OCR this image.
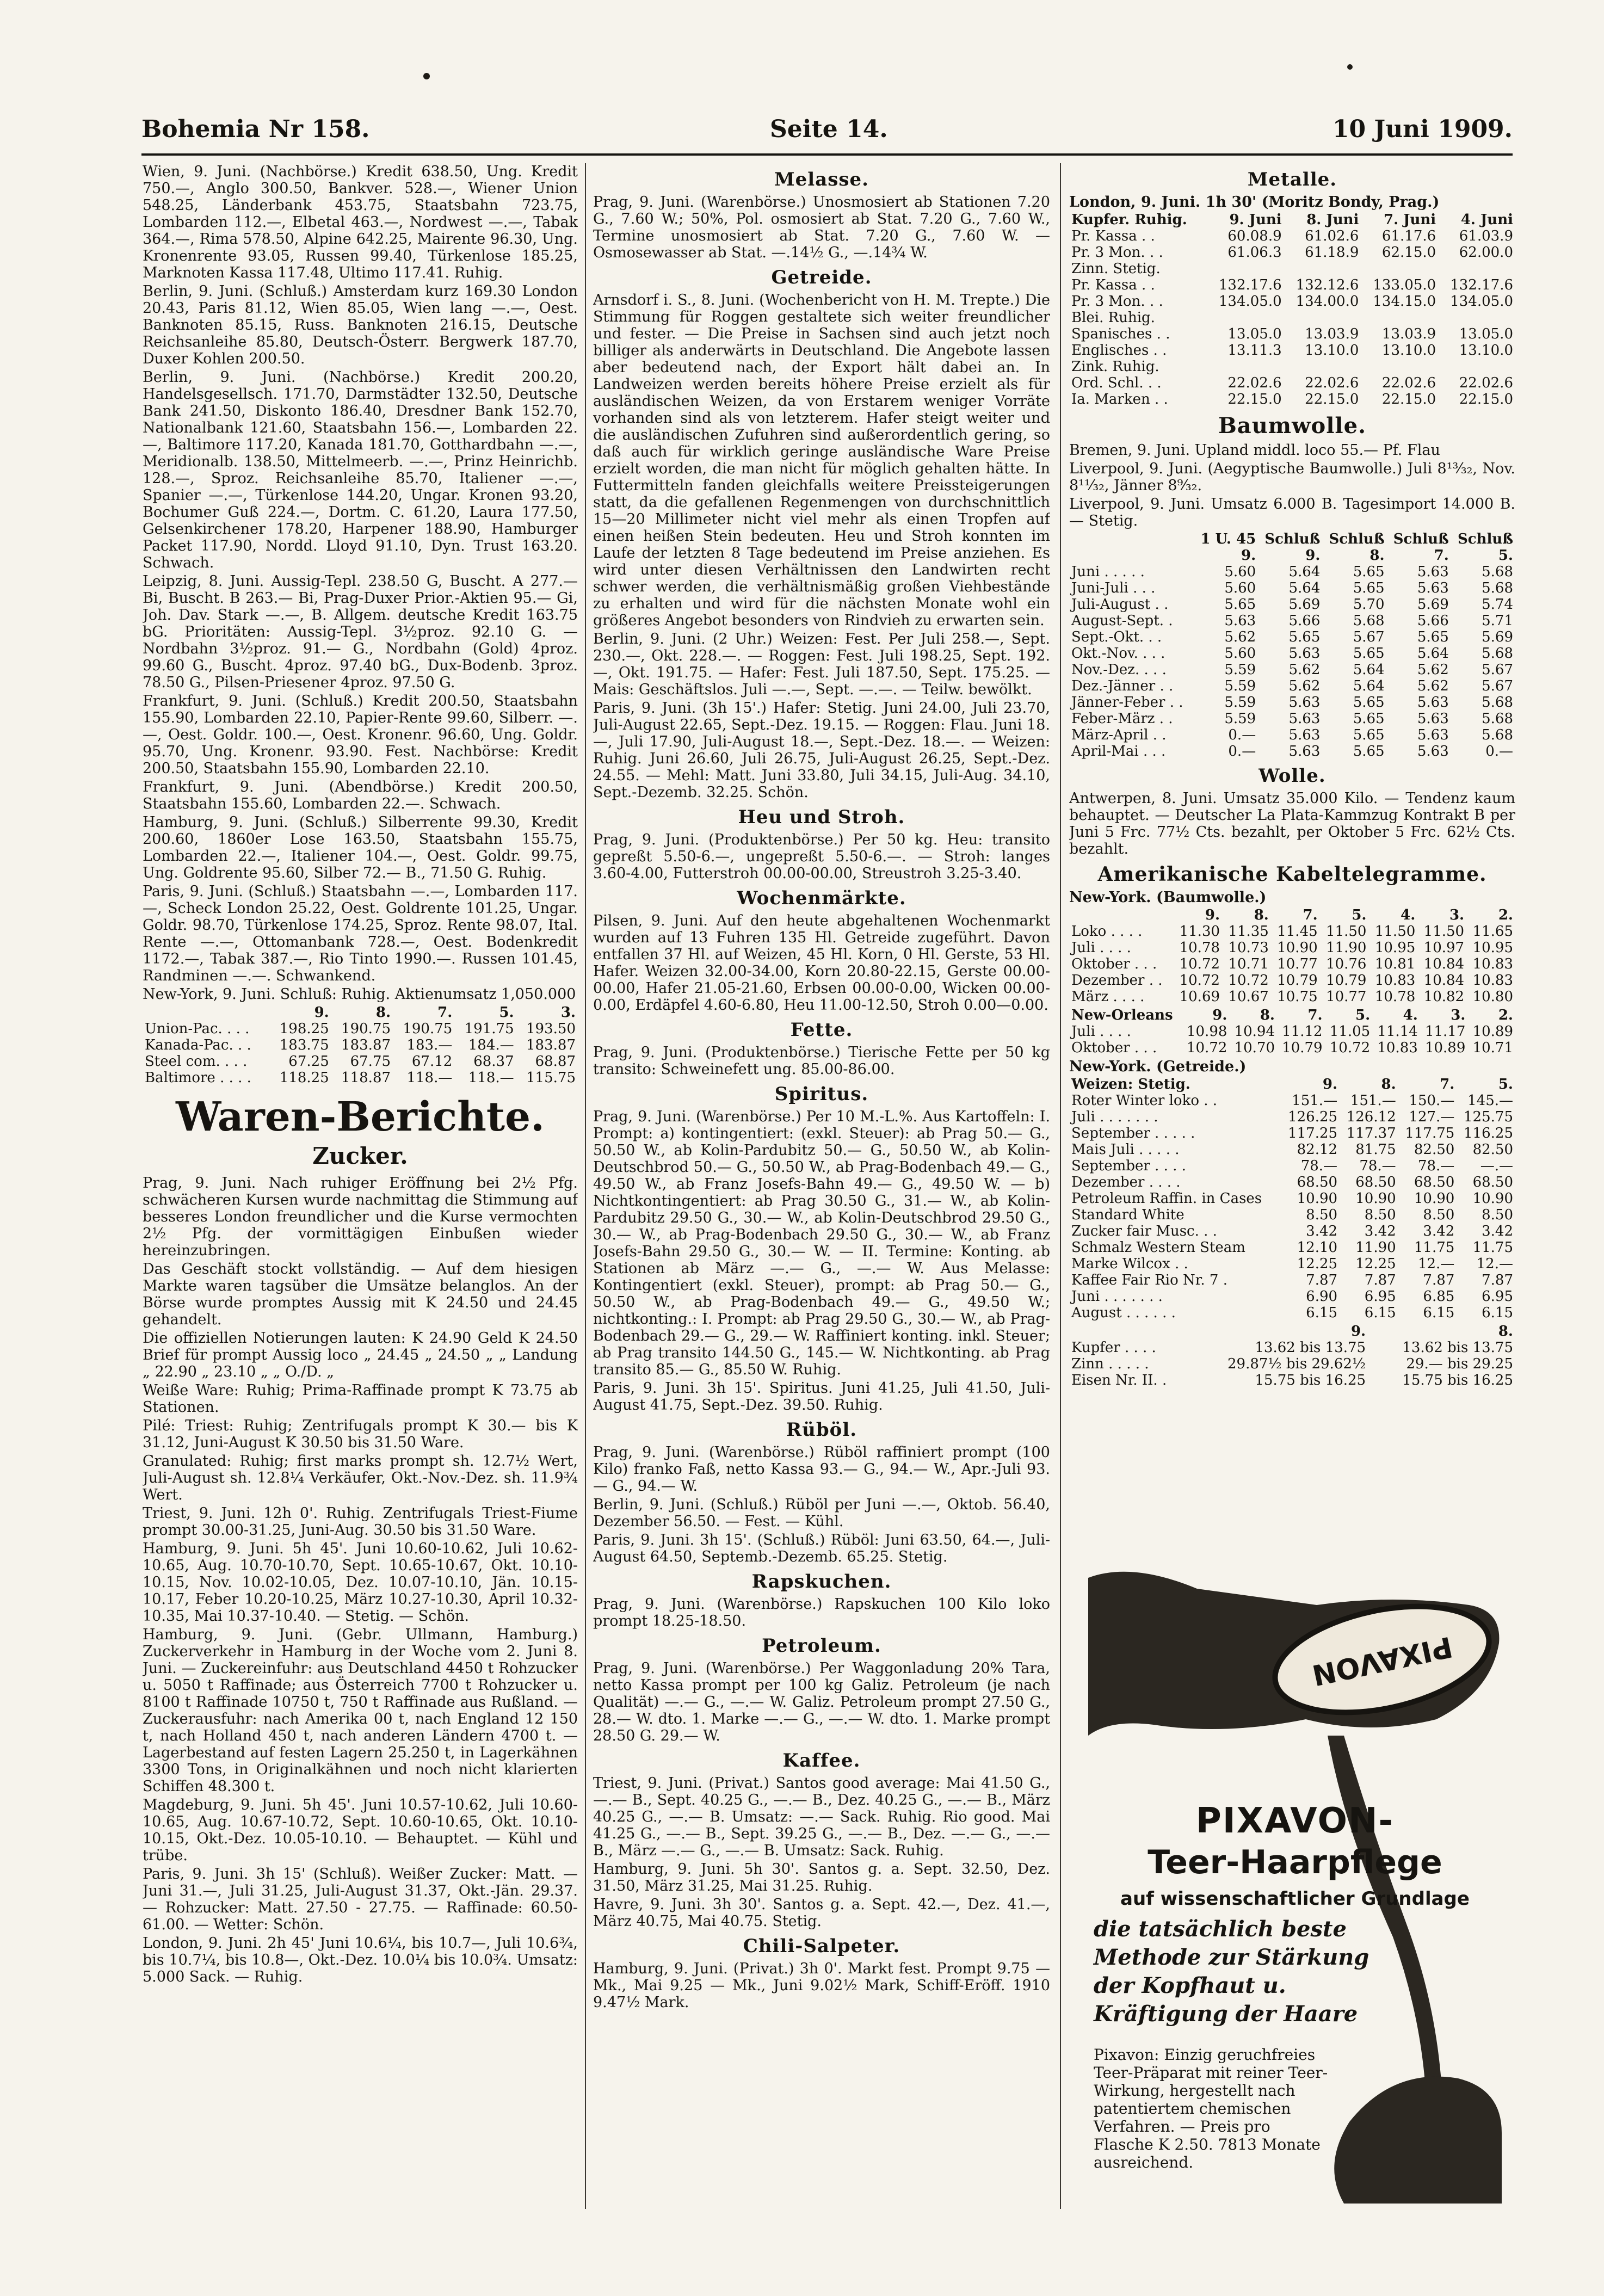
Bohemia Nr 158.	Seite 14.	10 Juni 1909.

Wien, 9. Juni. (Nachbörse.) Kredit 638.50, Ung. Kredit 750.—, Anglo 300.50, Bankver. 528.—, Wiener Union 548.25, Länderbank 453.75, Staatsbahn 723.75, Lombarden 112.—, Elbetal 463.—, Nordwest —.—, Tabak 364.—, Rima 578.50, Alpine 642.25, Mairente 96.30, Ung. Kronenrente 93.05, Russen 99.40, Türkenlose 185.25, Marknoten Kassa 117.48, Ultimo 117.41. Ruhig.

Berlin, 9. Juni. (Schluß.) Amsterdam kurz 169.30 London 20.43, Paris 81.12, Wien 85.05, Wien lang —.—, Oest. Banknoten 85.15, Russ. Banknoten 216.15, Deutsche Reichsanleihe 85.80, Deutsch-Österr. Bergwerk 187.70, Duxer Kohlen 200.50.

Berlin, 9. Juni. (Nachbörse.) Kredit 200.20, Handelsgesellsch. 171.70, Darmstädter 132.50, Deutsche Bank 241.50, Diskonto 186.40, Dresdner Bank 152.70, Nationalbank 121.60, Staatsbahn 156.—, Lombarden 22.—, Baltimore 117.20, Kanada 181.70, Gotthardbahn —.—, Meridionalb. 138.50, Mittelmeerb. —.—, Prinz Heinrichb. 128.—, Sproz. Reichsanleihe 85.70, Italiener —.—, Spanier —.—, Türkenlose 144.20, Ungar. Kronen 93.20, Bochumer Guß 224.—, Dortm. C. 61.20, Laura 177.50, Gelsenkirchener 178.20, Harpener 188.90, Hamburger Packet 117.90, Nordd. Lloyd 91.10, Dyn. Trust 163.20. Schwach.

Leipzig, 8. Juni. Aussig-Tepl. 238.50 G, Buscht. A 277.— Bi, Buscht. B 263.— Bi, Prag-Duxer Prior.-Aktien 95.— Gi, Joh. Dav. Stark —.—, B. Allgem. deutsche Kredit 163.75 bG. Prioritäten: Aussig-Tepl. 3½proz. 92.10 G. — Nordbahn 3½proz. 91.— G., Nordbahn (Gold) 4proz. 99.60 G., Buscht. 4proz. 97.40 bG., Dux-Bodenb. 3proz. 78.50 G., Pilsen-Priesener 4proz. 97.50 G.

Frankfurt, 9. Juni. (Schluß.) Kredit 200.50, Staatsbahn 155.90, Lombarden 22.10, Papier-Rente 99.60, Silberr. —.—, Oest. Goldr. 100.—, Oest. Kronenr. 96.60, Ung. Goldr. 95.70, Ung. Kronenr. 93.90. Fest. Nachbörse: Kredit 200.50, Staatsbahn 155.90, Lombarden 22.10.

Frankfurt, 9. Juni. (Abendbörse.) Kredit 200.50, Staatsbahn 155.60, Lombarden 22.—. Schwach.

Hamburg, 9. Juni. (Schluß.) Silberrente 99.30, Kredit 200.60, 1860er Lose 163.50, Staatsbahn 155.75, Lombarden 22.—, Italiener 104.—, Oest. Goldr. 99.75, Ung. Goldrente 95.60, Silber 72.— B., 71.50 G. Ruhig.

Paris, 9. Juni. (Schluß.) Staatsbahn —.—, Lombarden 117.—, Scheck London 25.22, Oest. Goldrente 101.25, Ungar. Goldr. 98.70, Türkenlose 174.25, Sproz. Rente 98.07, Ital. Rente —.—, Ottomanbank 728.—, Oest. Bodenkredit 1172.—, Tabak 387.—, Rio Tinto 1990.—. Russen 101.45, Randminen —.—. Schwankend.

New-York, 9. Juni. Schluß: Ruhig. Aktienumsatz 1,050.000

	9.	8.	7.	5.	3.
Union-Pac. . . .	198.25	190.75	190.75	191.75	193.50
Kanada-Pac. . .	183.75	183.87	183.—	184.—	183.87
Steel com. . . .	67.25	67.75	67.12	68.37	68.87
Baltimore . . . .	118.25	118.87	118.—	118.—	115.75
Waren-Berichte.
Zucker.

Prag, 9. Juni. Nach ruhiger Eröffnung bei 2½ Pfg. schwächeren Kursen wurde nachmittag die Stimmung auf besseres London freundlicher und die Kurse vermochten 2½ Pfg. der vormittägigen Einbußen wieder hereinzubringen.

Das Geschäft stockt vollständig. — Auf dem hiesigen Markte waren tagsüber die Umsätze belanglos. An der Börse wurde promptes Aussig mit K 24.50 und 24.45 gehandelt.

Die offiziellen Notierungen lauten: K 24.90 Geld K 24.50 Brief für prompt Aussig loco „ 24.45 „ 24.50 „ „ Landung „ 22.90 „ 23.10 „ „ O./D. „

Weiße Ware: Ruhig; Prima-Raffinade prompt K 73.75 ab Stationen.

Pilé: Triest: Ruhig; Zentrifugals prompt K 30.— bis K 31.12, Juni-August K 30.50 bis 31.50 Ware.

Granulated: Ruhig; first marks prompt sh. 12.7½ Wert, Juli-August sh. 12.8¼ Verkäufer, Okt.-Nov.-Dez. sh. 11.9¾ Wert.

Triest, 9. Juni. 12h 0'. Ruhig. Zentrifugals Triest-Fiume prompt 30.00-31.25, Juni-Aug. 30.50 bis 31.50 Ware.

Hamburg, 9. Juni. 5h 45'. Juni 10.60-10.62, Juli 10.62-10.65, Aug. 10.70-10.70, Sept. 10.65-10.67, Okt. 10.10-10.15, Nov. 10.02-10.05, Dez. 10.07-10.10, Jän. 10.15-10.17, Feber 10.20-10.25, März 10.27-10.30, April 10.32-10.35, Mai 10.37-10.40. — Stetig. — Schön.

Hamburg, 9. Juni. (Gebr. Ullmann, Hamburg.) Zuckerverkehr in Hamburg in der Woche vom 2. Juni 8. Juni. — Zuckereinfuhr: aus Deutschland 4450 t Rohzucker u. 5050 t Raffinade; aus Österreich 7700 t Rohzucker u. 8100 t Raffinade 10750 t, 750 t Raffinade aus Rußland. — Zuckerausfuhr: nach Amerika 00 t, nach England 12 150 t, nach Holland 450 t, nach anderen Ländern 4700 t. — Lagerbestand auf festen Lagern 25.250 t, in Lagerkähnen 3300 Tons, in Originalkähnen und noch nicht klarierten Schiffen 48.300 t.

Magdeburg, 9. Juni. 5h 45'. Juni 10.57-10.62, Juli 10.60-10.65, Aug. 10.67-10.72, Sept. 10.60-10.65, Okt. 10.10-10.15, Okt.-Dez. 10.05-10.10. — Behauptet. — Kühl und trübe.

Paris, 9. Juni. 3h 15' (Schluß). Weißer Zucker: Matt. — Juni 31.—, Juli 31.25, Juli-August 31.37, Okt.-Jän. 29.37. — Rohzucker: Matt. 27.50 - 27.75. — Raffinade: 60.50-61.00. — Wetter: Schön.

London, 9. Juni. 2h 45' Juni 10.6¼, bis 10.7—, Juli 10.6¾, bis 10.7¼, bis 10.8—, Okt.-Dez. 10.0¼ bis 10.0¾. Umsatz: 5.000 Sack. — Ruhig.

Melasse.

Prag, 9. Juni. (Warenbörse.) Unosmosiert ab Stationen 7.20 G., 7.60 W.; 50%, Pol. osmosiert ab Stat. 7.20 G., 7.60 W., Termine unosmosiert ab Stat. 7.20 G., 7.60 W. — Osmosewasser ab Stat. —.14½ G., —.14¾ W.

Getreide.

Arnsdorf i. S., 8. Juni. (Wochenbericht von H. M. Trepte.) Die Stimmung für Roggen gestaltete sich weiter freundlicher und fester. — Die Preise in Sachsen sind auch jetzt noch billiger als anderwärts in Deutschland. Die Angebote lassen aber bedeutend nach, der Export hält dabei an. In Landweizen werden bereits höhere Preise erzielt als für ausländischen Weizen, da von Erstarem weniger Vorräte vorhanden sind als von letzterem. Hafer steigt weiter und die ausländischen Zufuhren sind außerordentlich gering, so daß auch für wirklich geringe ausländische Ware Preise erzielt worden, die man nicht für möglich gehalten hätte. In Futtermitteln fanden gleichfalls weitere Preissteigerungen statt, da die gefallenen Regenmengen von durchschnittlich 15—20 Millimeter nicht viel mehr als einen Tropfen auf einen heißen Stein bedeuten. Heu und Stroh konnten im Laufe der letzten 8 Tage bedeutend im Preise anziehen. Es wird unter diesen Verhältnissen den Landwirten recht schwer werden, die verhältnismäßig großen Viehbestände zu erhalten und wird für die nächsten Monate wohl ein größeres Angebot besonders von Rindvieh zu erwarten sein.

Berlin, 9. Juni. (2 Uhr.) Weizen: Fest. Per Juli 258.—, Sept. 230.—, Okt. 228.—. — Roggen: Fest. Juli 198.25, Sept. 192.—, Okt. 191.75. — Hafer: Fest. Juli 187.50, Sept. 175.25. — Mais: Geschäftslos. Juli —.—, Sept. —.—. — Teilw. bewölkt.

Paris, 9. Juni. (3h 15'.) Hafer: Stetig. Juni 24.00, Juli 23.70, Juli-August 22.65, Sept.-Dez. 19.15. — Roggen: Flau. Juni 18.—, Juli 17.90, Juli-August 18.—, Sept.-Dez. 18.—. — Weizen: Ruhig. Juni 26.60, Juli 26.75, Juli-August 26.25, Sept.-Dez. 24.55. — Mehl: Matt. Juni 33.80, Juli 34.15, Juli-Aug. 34.10, Sept.-Dezemb. 32.25. Schön.

Heu und Stroh.

Prag, 9. Juni. (Produktenbörse.) Per 50 kg. Heu: transito gepreßt 5.50-6.—, ungepreßt 5.50-6.—. — Stroh: langes 3.60-4.00, Futterstroh 00.00-00.00, Streustroh 3.25-3.40.

Wochenmärkte.

Pilsen, 9. Juni. Auf den heute abgehaltenen Wochenmarkt wurden auf 13 Fuhren 135 Hl. Getreide zugeführt. Davon entfallen 37 Hl. auf Weizen, 45 Hl. Korn, 0 Hl. Gerste, 53 Hl. Hafer. Weizen 32.00-34.00, Korn 20.80-22.15, Gerste 00.00-00.00, Hafer 21.05-21.60, Erbsen 00.00-0.00, Wicken 00.00-0.00, Erdäpfel 4.60-6.80, Heu 11.00-12.50, Stroh 0.00—0.00.

Fette.

Prag, 9. Juni. (Produktenbörse.) Tierische Fette per 50 kg transito: Schweinefett ung. 85.00-86.00.

Spiritus.

Prag, 9. Juni. (Warenbörse.) Per 10 M.-L.%. Aus Kartoffeln: I. Prompt: a) kontingentiert: (exkl. Steuer): ab Prag 50.— G., 50.50 W., ab Kolin-Pardubitz 50.— G., 50.50 W., ab Kolin-Deutschbrod 50.— G., 50.50 W., ab Prag-Bodenbach 49.— G., 49.50 W., ab Franz Josefs-Bahn 49.— G., 49.50 W. — b) Nichtkontingentiert: ab Prag 30.50 G., 31.— W., ab Kolin-Pardubitz 29.50 G., 30.— W., ab Kolin-Deutschbrod 29.50 G., 30.— W., ab Prag-Bodenbach 29.50 G., 30.— W., ab Franz Josefs-Bahn 29.50 G., 30.— W. — II. Termine: Konting. ab Stationen ab März —.— G., —.— W. Aus Melasse: Kontingentiert (exkl. Steuer), prompt: ab Prag 50.— G., 50.50 W., ab Prag-Bodenbach 49.— G., 49.50 W.; nichtkonting.: I. Prompt: ab Prag 29.50 G., 30.— W., ab Prag-Bodenbach 29.— G., 29.— W. Raffiniert konting. inkl. Steuer; ab Prag transito 144.50 G., 145.— W. Nichtkonting. ab Prag transito 85.— G., 85.50 W. Ruhig.

Paris, 9. Juni. 3h 15'. Spiritus. Juni 41.25, Juli 41.50, Juli-August 41.75, Sept.-Dez. 39.50. Ruhig.

Rüböl.

Prag, 9. Juni. (Warenbörse.) Rüböl raffiniert prompt (100 Kilo) franko Faß, netto Kassa 93.— G., 94.— W., Apr.-Juli 93.— G., 94.— W.

Berlin, 9. Juni. (Schluß.) Rüböl per Juni —.—, Oktob. 56.40, Dezember 56.50. — Fest. — Kühl.

Paris, 9. Juni. 3h 15'. (Schluß.) Rüböl: Juni 63.50, 64.—, Juli-August 64.50, Septemb.-Dezemb. 65.25. Stetig.

Rapskuchen.

Prag, 9. Juni. (Warenbörse.) Rapskuchen 100 Kilo loko prompt 18.25-18.50.

Petroleum.

Prag, 9. Juni. (Warenbörse.) Per Waggonladung 20% Tara, netto Kassa prompt per 100 kg Galiz. Petroleum (je nach Qualität) —.— G., —.— W. Galiz. Petroleum prompt 27.50 G., 28.— W. dto. 1. Marke —.— G., —.— W. dto. 1. Marke prompt 28.50 G. 29.— W.

Kaffee.

Triest, 9. Juni. (Privat.) Santos good average: Mai 41.50 G., —.— B., Sept. 40.25 G., —.— B., Dez. 40.25 G., —.— B., März 40.25 G., —.— B. Umsatz: —.— Sack. Ruhig. Rio good. Mai 41.25 G., —.— B., Sept. 39.25 G., —.— B., Dez. —.— G., —.— B., März —.— G., —.— B. Umsatz: Sack. Ruhig.

Hamburg, 9. Juni. 5h 30'. Santos g. a. Sept. 32.50, Dez. 31.50, März 31.25, Mai 31.25. Ruhig.

Havre, 9. Juni. 3h 30'. Santos g. a. Sept. 42.—, Dez. 41.—, März 40.75, Mai 40.75. Stetig.

Chili-Salpeter.

Hamburg, 9. Juni. (Privat.) 3h 0'. Markt fest. Prompt 9.75 — Mk., Mai 9.25 — Mk., Juni 9.02½ Mark, Schiff-Eröff. 1910 9.47½ Mark.

Metalle.
London, 9. Juni. 1h 30' (Moritz Bondy, Prag.)
Kupfer. Ruhig.	9. Juni	8. Juni	7. Juni	4. Juni
Pr. Kassa . .	60.08.9	61.02.6	61.17.6	61.03.9
Pr. 3 Mon. . .	61.06.3	61.18.9	62.15.0	62.00.0
Zinn. Stetig.				
Pr. Kassa . .	132.17.6	132.12.6	133.05.0	132.17.6
Pr. 3 Mon. . .	134.05.0	134.00.0	134.15.0	134.05.0
Blei. Ruhig.				
Spanisches . .	13.05.0	13.03.9	13.03.9	13.05.0
Englisches . .	13.11.3	13.10.0	13.10.0	13.10.0
Zink. Ruhig.				
Ord. Schl. . .	22.02.6	22.02.6	22.02.6	22.02.6
Ia. Marken . .	22.15.0	22.15.0	22.15.0	22.15.0
Baumwolle.

Bremen, 9. Juni. Upland middl. loco 55.— Pf. Flau

Liverpool, 9. Juni. (Aegyptische Baumwolle.) Juli 8¹³⁄₃₂, Nov. 8¹¹⁄₃₂, Jänner 8⁹⁄₃₂.

Liverpool, 9. Juni. Umsatz 6.000 B. Tagesimport 14.000 B. — Stetig.

	1 U. 45	Schluß	Schluß	Schluß	Schluß
	9.	9.	8.	7.	5.
Juni . . . . .	5.60	5.64	5.65	5.63	5.68
Juni-Juli . . .	5.60	5.64	5.65	5.63	5.68
Juli-August . .	5.65	5.69	5.70	5.69	5.74
August-Sept. .	5.63	5.66	5.68	5.66	5.71
Sept.-Okt. . .	5.62	5.65	5.67	5.65	5.69
Okt.-Nov. . . .	5.60	5.63	5.65	5.64	5.68
Nov.-Dez. . . .	5.59	5.62	5.64	5.62	5.67
Dez.-Jänner . .	5.59	5.62	5.64	5.62	5.67
Jänner-Feber . .	5.59	5.63	5.65	5.63	5.68
Feber-März . .	5.59	5.63	5.65	5.63	5.68
März-April . .	0.—	5.63	5.65	5.63	5.68
April-Mai . . .	0.—	5.63	5.65	5.63	0.—
Wolle.

Antwerpen, 8. Juni. Umsatz 35.000 Kilo. — Tendenz kaum behauptet. — Deutscher La Plata-Kammzug Kontrakt B per Juni 5 Frc. 77½ Cts. bezahlt, per Oktober 5 Frc. 62½ Cts. bezahlt.

Amerikanische Kabeltelegramme.
New-York. (Baumwolle.)
	9.	8.	7.	5.	4.	3.	2.
Loko . . . .	11.30	11.35	11.45	11.50	11.50	11.50	11.65
Juli . . . .	10.78	10.73	10.90	11.90	10.95	10.97	10.95
Oktober . . .	10.72	10.71	10.77	10.76	10.81	10.84	10.83
Dezember . .	10.72	10.72	10.79	10.79	10.83	10.84	10.83
März . . . .	10.69	10.67	10.75	10.77	10.78	10.82	10.80
New-Orleans	9.	8.	7.	5.	4.	3.	2.
Juli . . . .	10.98	10.94	11.12	11.05	11.14	11.17	10.89
Oktober . . .	10.72	10.70	10.79	10.72	10.83	10.89	10.71
New-York. (Getreide.)
Weizen: Stetig.	9.	8.	7.	5.
Roter Winter loko . .	151.—	151.—	150.—	145.—
Juli . . . . . . .	126.25	126.12	127.—	125.75
September . . . . .	117.25	117.37	117.75	116.25
Mais Juli . . . . .	82.12	81.75	82.50	82.50
September . . . .	78.—	78.—	78.—	—.—
Dezember . . . .	68.50	68.50	68.50	68.50
Petroleum Raffin. in Cases	10.90	10.90	10.90	10.90
Standard White	8.50	8.50	8.50	8.50
Zucker fair Musc. . .	3.42	3.42	3.42	3.42
Schmalz Western Steam	12.10	11.90	11.75	11.75
Marke Wilcox . .	12.25	12.25	12.—	12.—
Kaffee Fair Rio Nr. 7 .	7.87	7.87	7.87	7.87
Juni . . . . . . .	6.90	6.95	6.85	6.95
August . . . . . .	6.15	6.15	6.15	6.15
	9.		8.
Kupfer . . . .	13.62 bis 13.75		13.62 bis 13.75
Zinn . . . . .	29.87½ bis 29.62½		29.— bis 29.25
Eisen Nr. II. .	15.75 bis 16.25		15.75 bis 16.25
PIXAVON
PIXAVON-
Teer-Haarpflege
auf wissenschaftlicher Grundlage
die tatsächlich beste Methode zur Stärkung der Kopfhaut u. Kräftigung der Haare
Pixavon: Einzig geruchfreies Teer-Präparat mit reiner Teer-Wirkung, hergestellt nach patentiertem chemischen Verfahren. — Preis pro Flasche K 2.50. 7813 Monate ausreichend.
